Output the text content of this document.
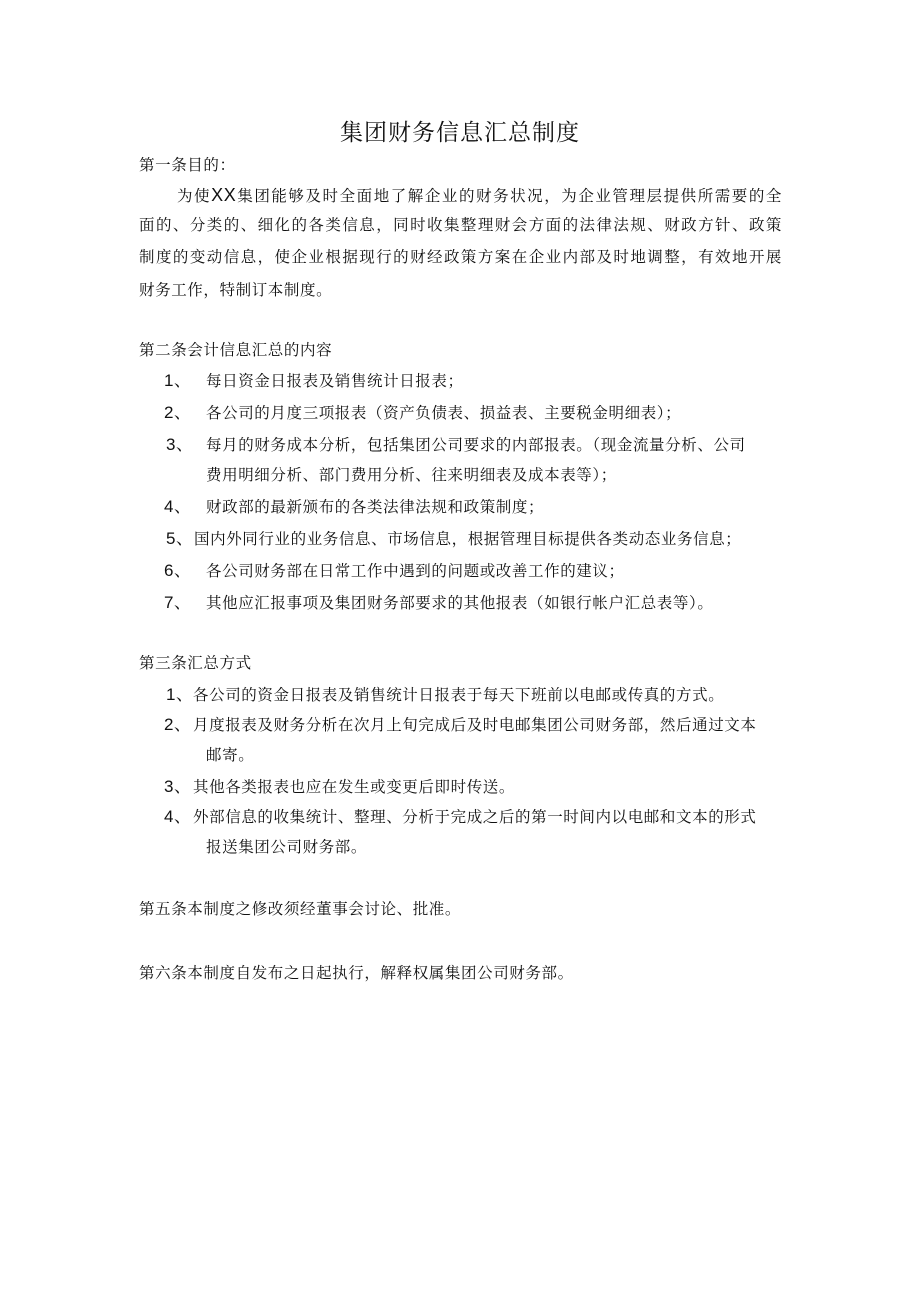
集团财务信息汇总制度
第一条目的：
为使XX集团能够及时全面地了解企业的财务状况，为企业管理层提供所需要的全
面的、分类的、细化的各类信息，同时收集整理财会方面的法律法规、财政方针、政策
制度的变动信息，使企业根据现行的财经政策方案在企业内部及时地调整，有效地开展
财务工作，特制订本制度。
第二条会计信息汇总的内容
1、 每日资金日报表及销售统计日报表；
2、 各公司的月度三项报表（资产负债表、损益表、主要税金明细表）；
3、 每月的财务成本分析，包括集团公司要求的内部报表。（现金流量分析、公司
费用明细分析、部门费用分析、往来明细表及成本表等）；
4、 财政部的最新颁布的各类法律法规和政策制度；
5、国内外同行业的业务信息、市场信息，根据管理目标提供各类动态业务信息；
6、 各公司财务部在日常工作中遇到的问题或改善工作的建议；
7、 其他应汇报事项及集团财务部要求的其他报表（如银行帐户汇总表等）。
第三条汇总方式
1、各公司的资金日报表及销售统计日报表于每天下班前以电邮或传真的方式。
2、月度报表及财务分析在次月上旬完成后及时电邮集团公司财务部，然后通过文本
邮寄。
3、其他各类报表也应在发生或变更后即时传送。
4、外部信息的收集统计、整理、分析于完成之后的第一时间内以电邮和文本的形式
报送集团公司财务部。
第五条本制度之修改须经董事会讨论、批准。
第六条本制度自发布之日起执行，解释权属集团公司财务部。
